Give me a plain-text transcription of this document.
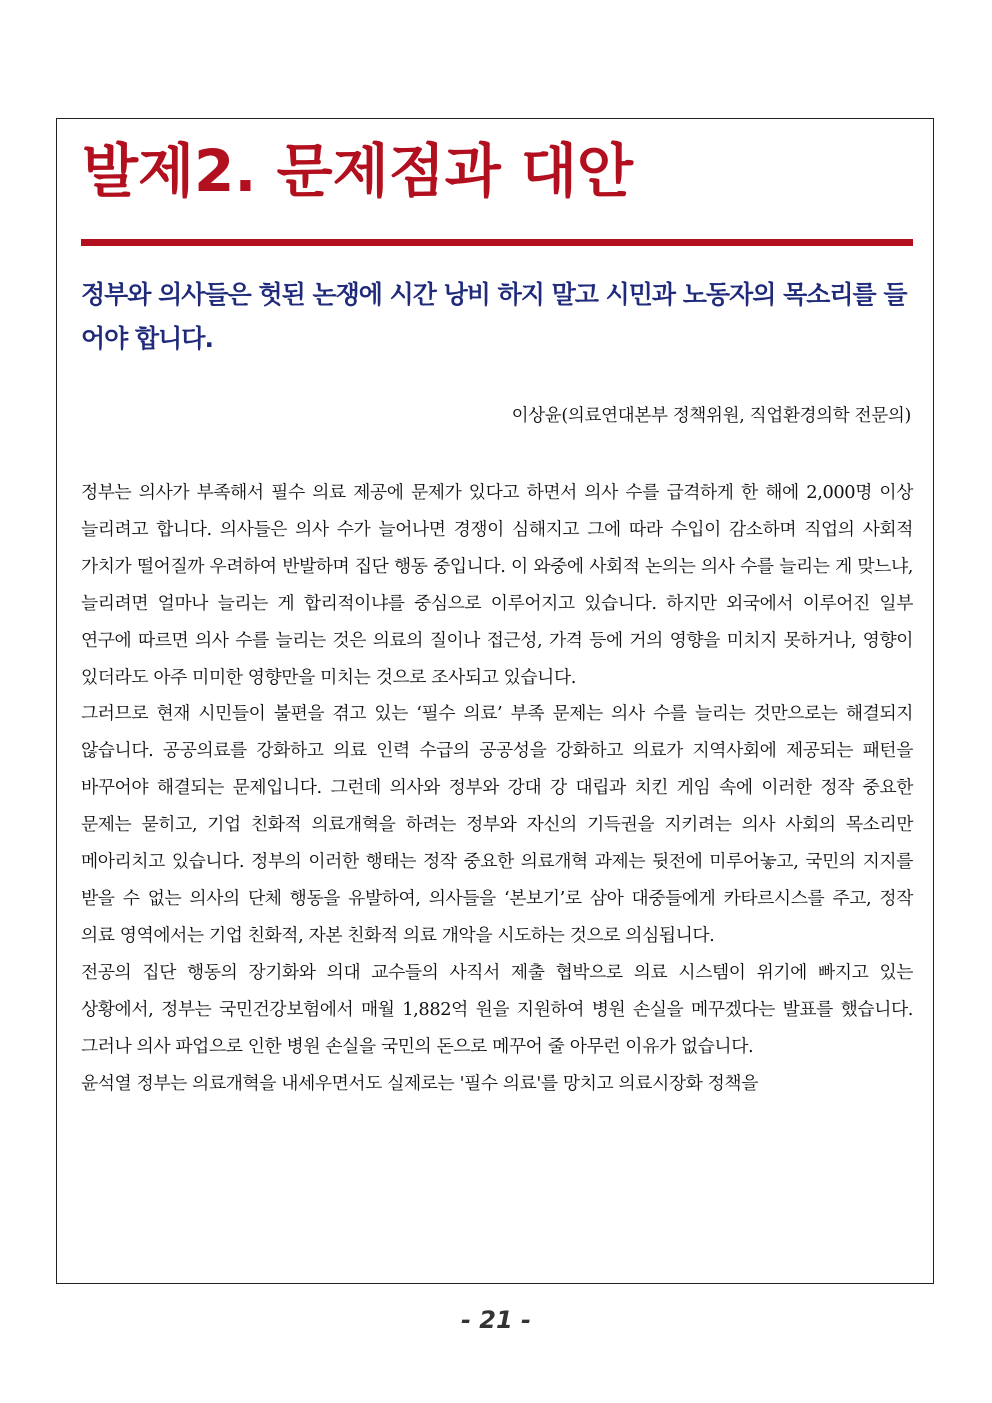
발제2. 문제점과 대안
정부와 의사들은 헛된 논쟁에 시간 낭비 하지 말고 시민과 노동자의 목소리를 들어야 합니다.

이상윤(의료연대본부 정책위원, 직업환경의학 전문의)

정부는 의사가 부족해서 필수 의료 제공에 문제가 있다고 하면서 의사 수를 급격하게 한 해에 2,000명 이상 늘리려고 합니다. 의사들은 의사 수가 늘어나면 경쟁이 심해지고 그에 따라 수입이 감소하며 직업의 사회적 가치가 떨어질까 우려하여 반발하며 집단 행동 중입니다. 이 와중에 사회적 논의는 의사 수를 늘리는 게 맞느냐, 늘리려면 얼마나 늘리는 게 합리적이냐를 중심으로 이루어지고 있습니다. 하지만 외국에서 이루어진 일부 연구에 따르면 의사 수를 늘리는 것은 의료의 질이나 접근성, 가격 등에 거의 영향을 미치지 못하거나, 영향이 있더라도 아주 미미한 영향만을 미치는 것으로 조사되고 있습니다.

그러므로 현재 시민들이 불편을 겪고 있는 ‘필수 의료’ 부족 문제는 의사 수를 늘리는 것만으로는 해결되지 않습니다. 공공의료를 강화하고 의료 인력 수급의 공공성을 강화하고 의료가 지역사회에 제공되는 패턴을 바꾸어야 해결되는 문제입니다. 그런데 의사와 정부와 강대 강 대립과 치킨 게임 속에 이러한 정작 중요한 문제는 묻히고, 기업 친화적 의료개혁을 하려는 정부와 자신의 기득권을 지키려는 의사 사회의 목소리만 메아리치고 있습니다. 정부의 이러한 행태는 정작 중요한 의료개혁 과제는 뒷전에 미루어놓고, 국민의 지지를 받을 수 없는 의사의 단체 행동을 유발하여, 의사들을 ‘본보기’로 삼아 대중들에게 카타르시스를 주고, 정작 의료 영역에서는 기업 친화적, 자본 친화적 의료 개악을 시도하는 것으로 의심됩니다.

전공의 집단 행동의 장기화와 의대 교수들의 사직서 제출 협박으로 의료 시스템이 위기에 빠지고 있는 상황에서, 정부는 국민건강보험에서 매월 1,882억 원을 지원하여 병원 손실을 메꾸겠다는 발표를 했습니다. 그러나 의사 파업으로 인한 병원 손실을 국민의 돈으로 메꾸어 줄 아무런 이유가 없습니다.

윤석열 정부는 의료개혁을 내세우면서도 실제로는 '필수 의료'를 망치고 의료시장화 정책을

- 21 -
